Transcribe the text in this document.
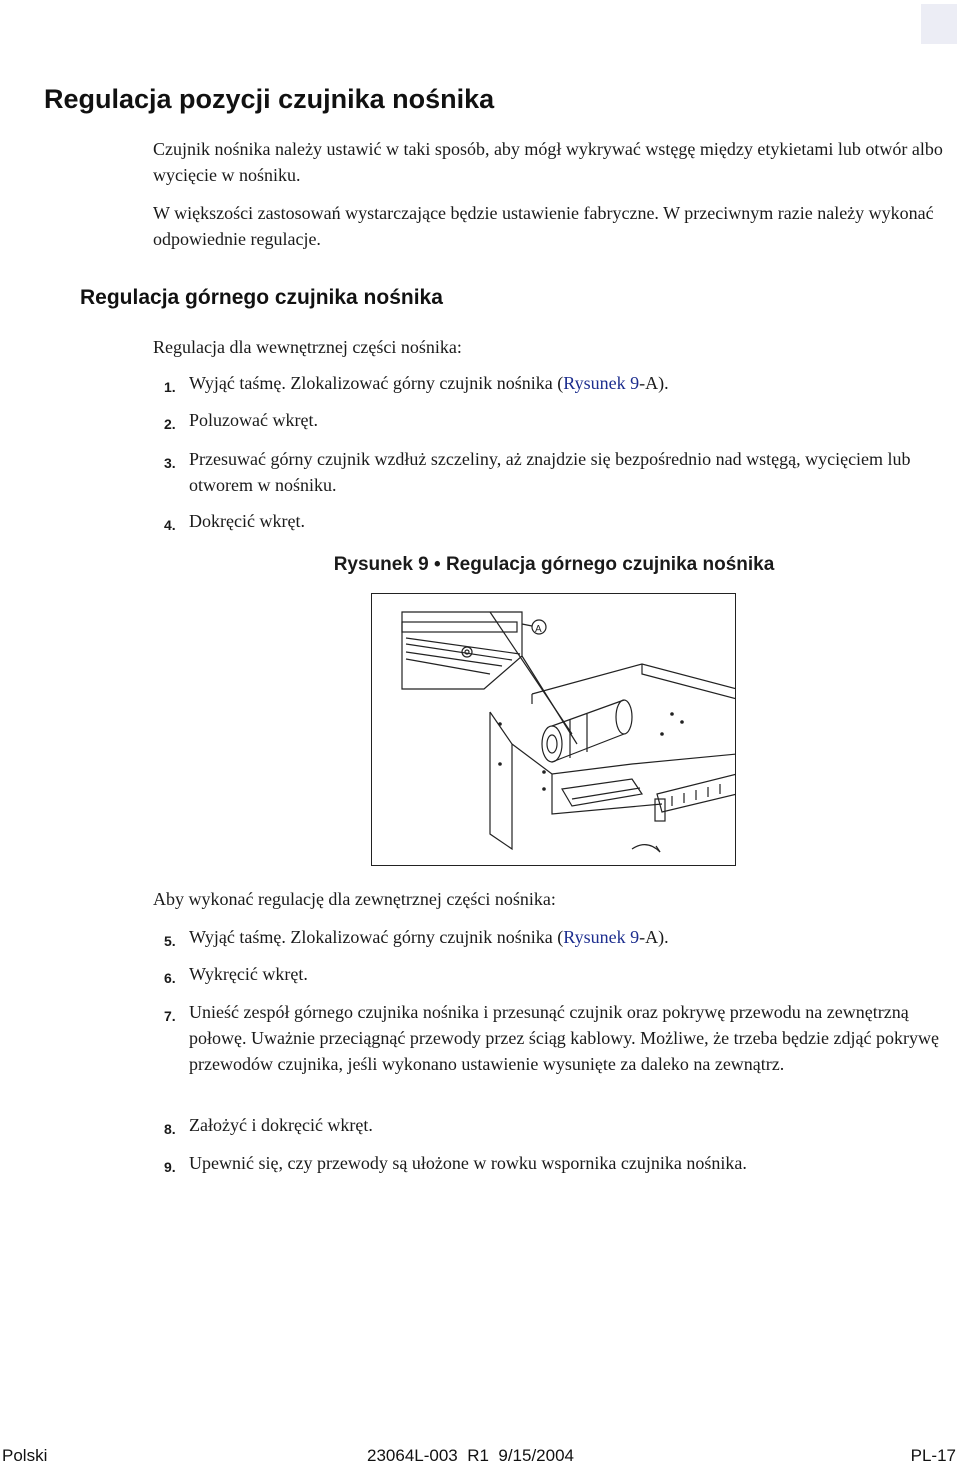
Regulacja pozycji czujnika nośnika

Czujnik nośnika należy ustawić w taki sposób, aby mógł wykrywać wstęgę między etykietami lub otwór albo wycięcie w nośniku.

W większości zastosowań wystarczające będzie ustawienie fabryczne. W przeciwnym razie należy wykonać odpowiednie regulacje.

Regulacja górnego czujnika nośnika

Regulacja dla wewnętrznej części nośnika:

1. Wyjąć taśmę. Zlokalizować górny czujnik nośnika (Rysunek 9-A).
2. Poluzować wkręt.
3. Przesuwać górny czujnik wzdłuż szczeliny, aż znajdzie się bezpośrednio nad wstęgą, wycięciem lub otworem w nośniku.
4. Dokręcić wkręt.

Rysunek 9 • Regulacja górnego czujnika nośnika

A

Aby wykonać regulację dla zewnętrznej części nośnika:

5. Wyjąć taśmę. Zlokalizować górny czujnik nośnika (Rysunek 9-A).
6. Wykręcić wkręt.
7. Unieść zespół górnego czujnika nośnika i przesunąć czujnik oraz pokrywę przewodu na zewnętrzną połowę. Uważnie przeciągnąć przewody przez ściąg kablowy. Możliwe, że trzeba będzie zdjąć pokrywę przewodów czujnika, jeśli wykonano ustawienie wysunięte za daleko na zewnątrz.
8. Założyć i dokręcić wkręt.
9. Upewnić się, czy przewody są ułożone w rowku wspornika czujnika nośnika.
Polski	23064L-003  R1  9/15/2004	PL-17
